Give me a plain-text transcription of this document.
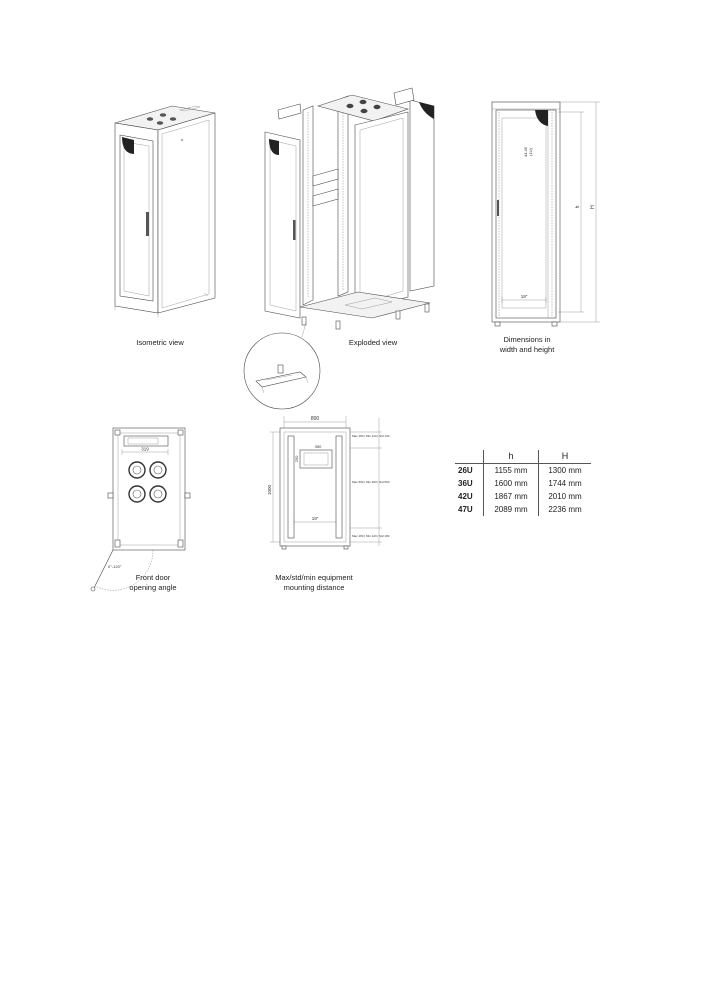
44.45 (1U)
h H
19"
319
0°-120°
350
250
800
1000
19"
Max 180 | Min 120 | Std 133
Max 590 | Min 460 | Std 560
Max 180 | Min 120 | Std 180
Isometric view	Exploded view	Dimensions in
width and height
Front door
opening angle
Max/std/min equipment
mounting distance
	h	H
26U	1155 mm	1300 mm
36U	1600 mm	1744 mm
42U	1867 mm	2010 mm
47U	2089 mm	2236 mm
